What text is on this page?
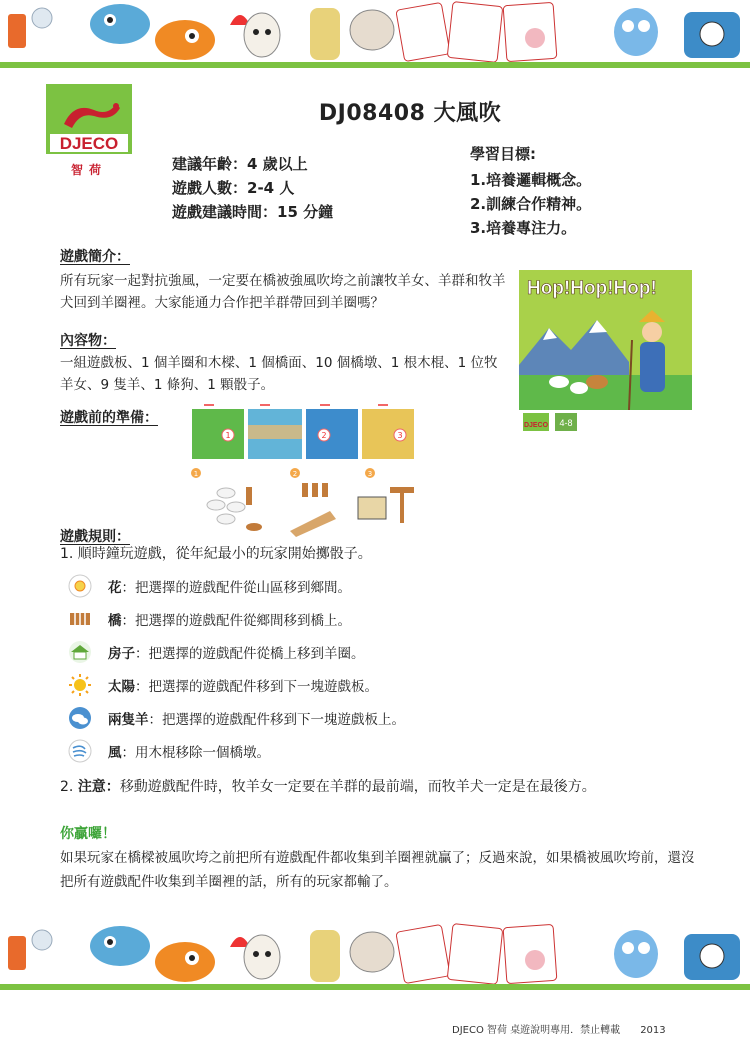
DJECO
智荷
DJ08408 大風吹
建議年齡：4 歲以上
遊戲人數：2-4 人
遊戲建議時間：15 分鐘
學習目標:
1.培養邏輯概念。
2.訓練合作精神。
3.培養專注力。
遊戲簡介：
所有玩家一起對抗強風，一定要在橋被強風吹垮之前讓牧羊女、羊群和牧羊犬回到羊圈裡。大家能通力合作把羊群帶回到羊圈嗎？
內容物：
一組遊戲板、1 個羊圈和木樑、1 個橋面、10 個橋墩、1 根木棍、1 位牧羊女、9 隻羊、1 條狗、1 顆骰子。
遊戲前的準備：
Hop!Hop!Hop!
DJECO 4-8
1	2	3
1	2	3
遊戲規則：
1. 順時鐘玩遊戲，從年紀最小的玩家開始擲骰子。
花 ：把選擇的遊戲配件從山區移到鄉間。
橋 ：把選擇的遊戲配件從鄉間移到橋上。
房子 ：把選擇的遊戲配件從橋上移到羊圈。
太陽 ：把選擇的遊戲配件移到下一塊遊戲板。
兩隻羊 ：把選擇的遊戲配件移到下一塊遊戲板上。
風 ：用木棍移除一個橋墩。
2. 注意：移動遊戲配件時，牧羊女一定要在羊群的最前端，而牧羊犬一定是在最後方。
你贏囉！
如果玩家在橋樑被風吹垮之前把所有遊戲配件都收集到羊圈裡就贏了；反過來說，如果橋被風吹垮前，還沒把所有遊戲配件收集到羊圈裡的話，所有的玩家都輸了。
DJECO 智荷 桌遊說明專用．禁止轉載 2013
